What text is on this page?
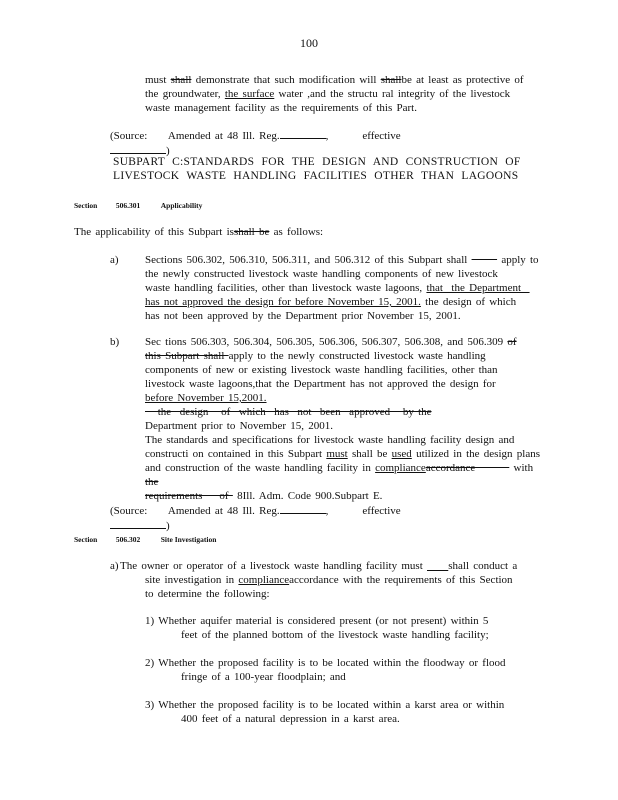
100
must shall demonstrate that such modification will shallbe at least as protective of
the groundwater, the surface water ,and the structu ral integrity of the livestock
waste management facility as the requirements of this Part.
(Source: Amended at 48 Ill. Reg.	,	effective     )
SUBPART C:STANDARDS FOR THE DESIGN AND CONSTRUCTION OF
LIVESTOCK WASTE HANDLING FACILITIES OTHER THAN LAGOONS
Section 506.301	Applicability
The applicability of this Subpart isshall be as follows:
a) Sections 506.302, 506.310, 506.311, and 506.312 of this Subpart shall        apply to
the newly constructed livestock waste handling components of new livestock
waste handling facilities, other than livestock waste lagoons, that  the Department
has not approved the design for before November 15, 2001. the design of which
has not been approved by the Department prior November 15, 2001.
b) Sec tions 506.303, 506.304, 506.305, 506.306, 506.307, 506.308, and 506.309 of
this Subpart shall apply to the newly constructed livestock waste handling
components of new or existing livestock waste handling facilities, other than
livestock waste lagoons,that the Department has not approved the design for
before November 15,2001.   the  design   of  which  has  not  been  approved   by the
Department prior to November 15, 2001.
The standards and specifications for livestock waste handling facility design and
constructi on contained in this Subpart must shall be used utilized in the design plans
and construction of the waste handling facility in complianceaccordance         with the
requirements    of  8Ill. Adm. Code 900.Subpart E.
(Source: Amended at 48 Ill. Reg.	,	effective     )
Section 506.302	Site Investigation
a) The owner or operator of a livestock waste handling facility must      shall conduct a
site investigation in complianceaccordance with the requirements of this Section
to determine the following:
1) Whether aquifer material is considered present (or not present) within 5
feet of the planned bottom of the livestock waste handling facility;
2) Whether the proposed facility is to be located within the floodway or flood
fringe of a 100-year floodplain; and
3) Whether the proposed facility is to be located within a karst area or within
400 feet of a natural depression in a karst area.
